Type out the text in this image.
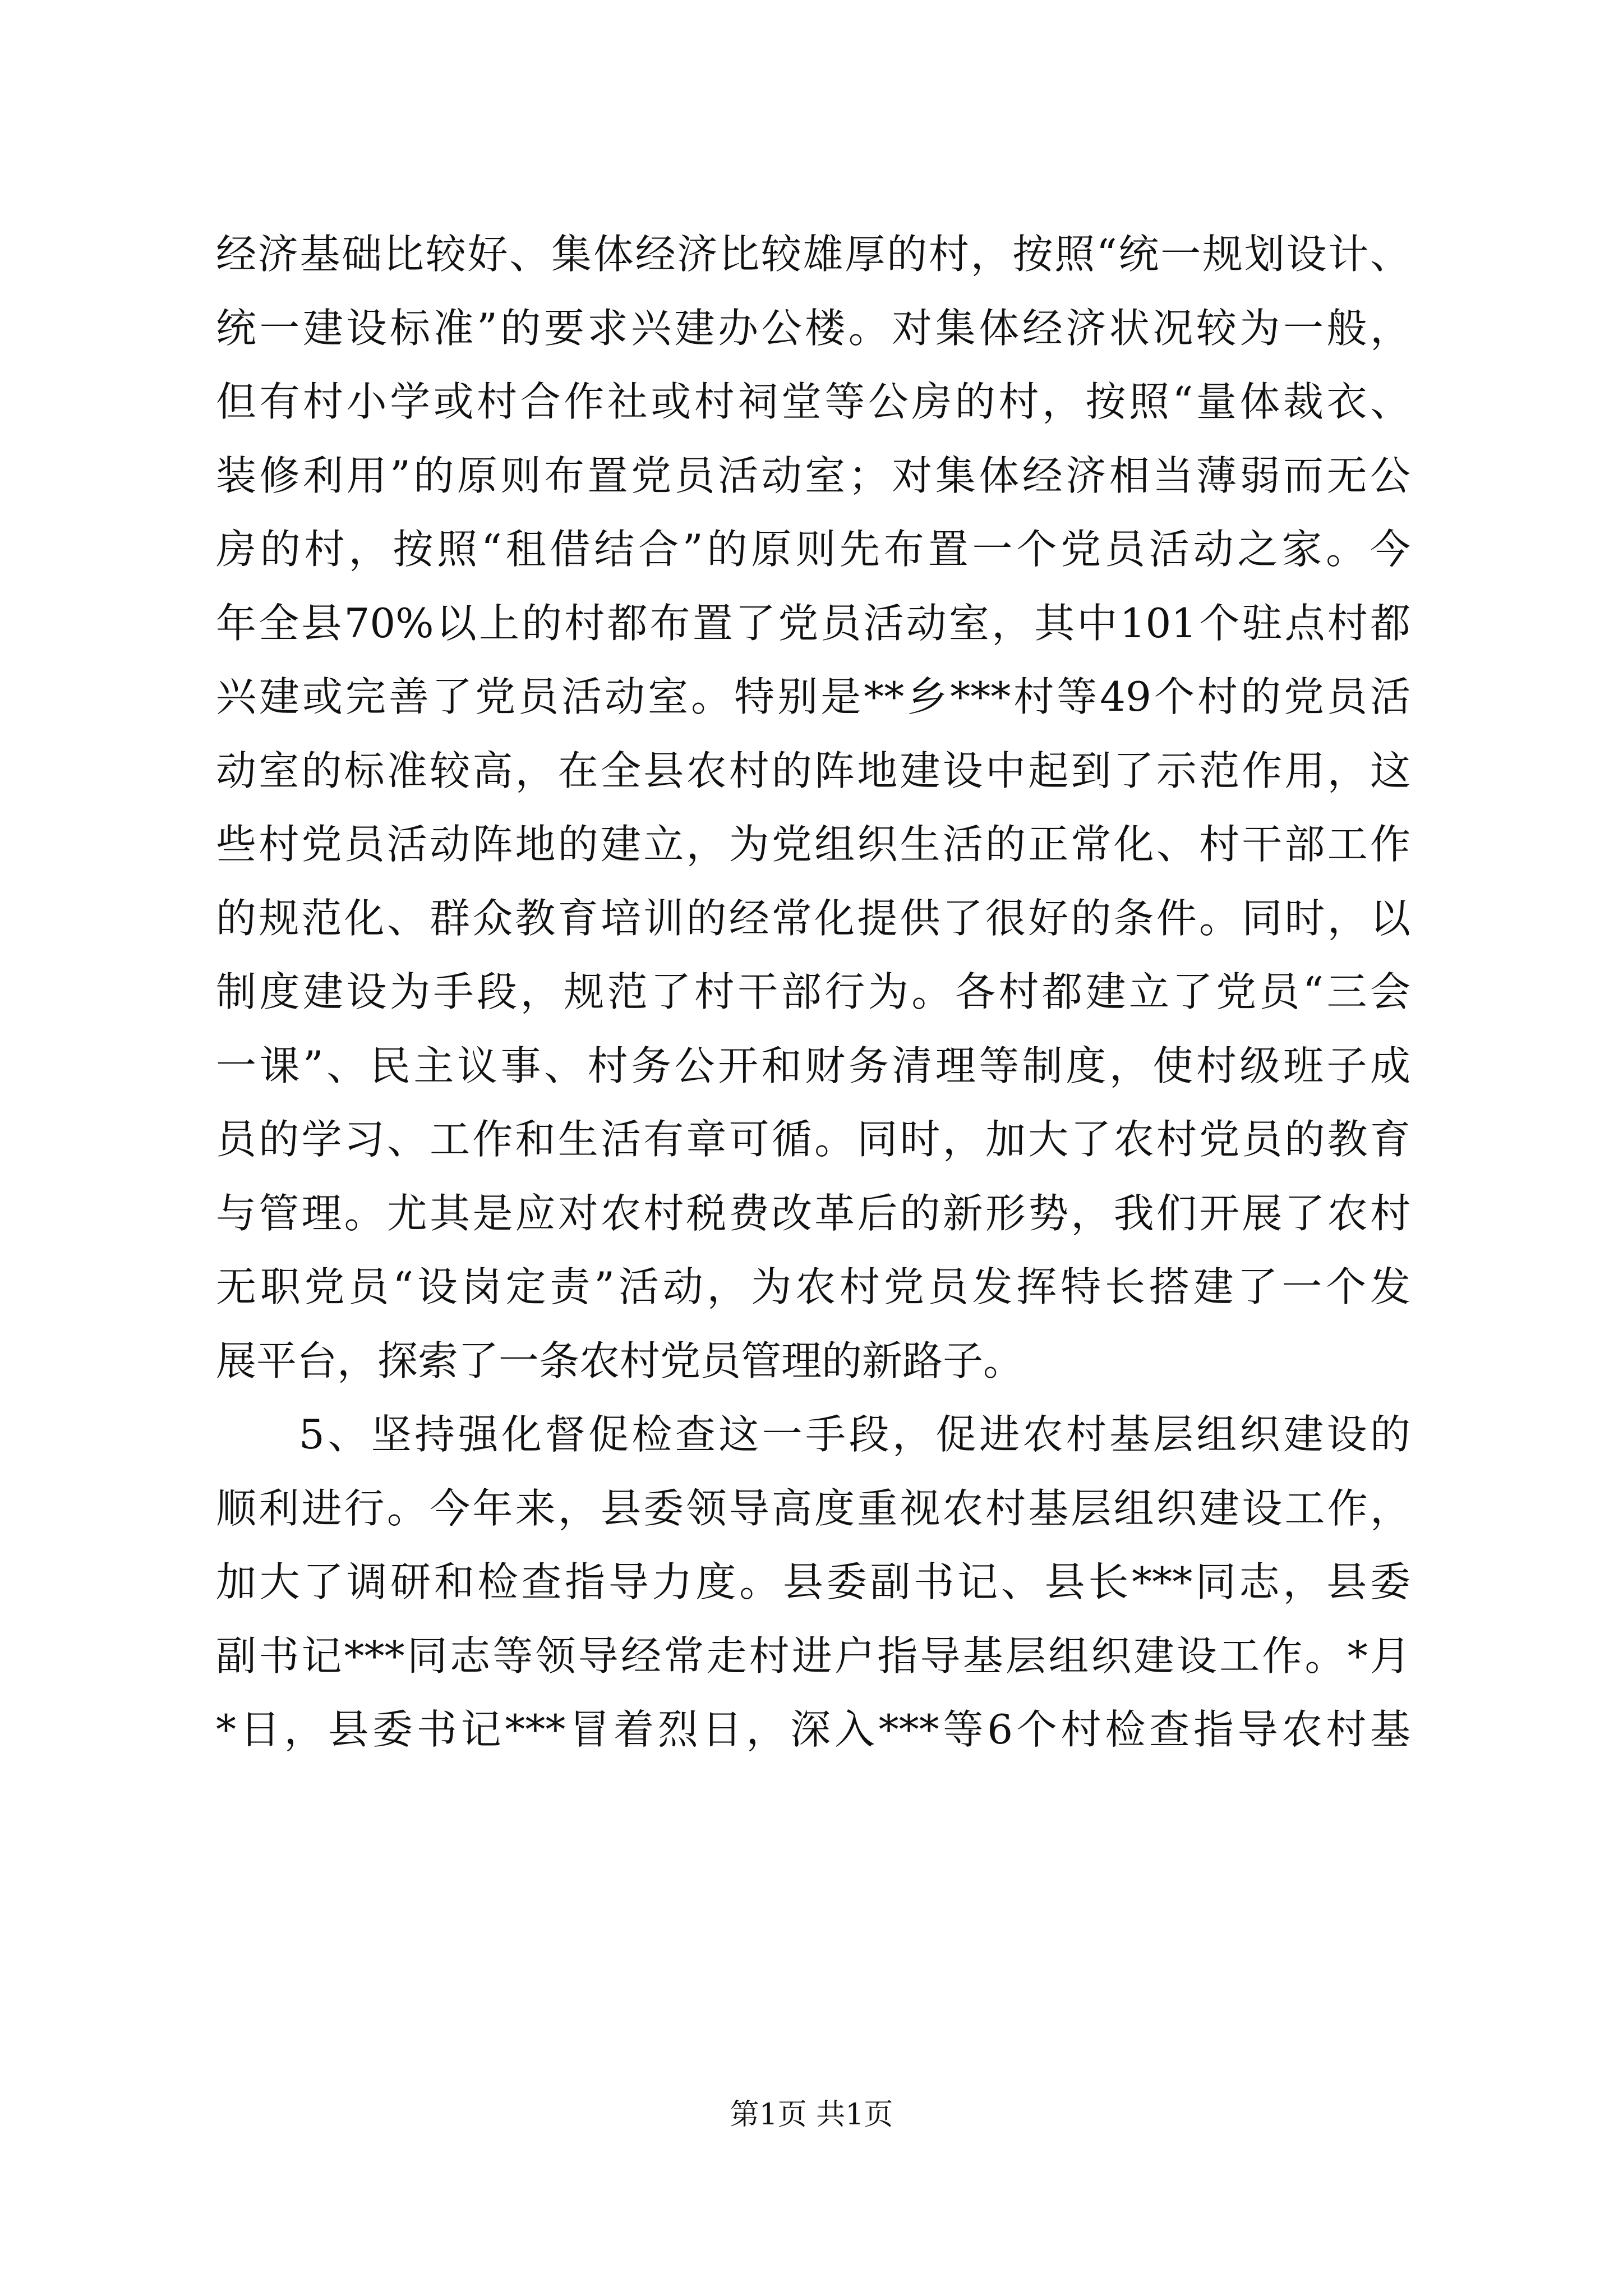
经济基础比较好、集体经济比较雄厚的村，按照“统一规划设计、
统一建设标准”的要求兴建办公楼。对集体经济状况较为一般，
但有村小学或村合作社或村祠堂等公房的村，按照“量体裁衣、
装修利用”的原则布置党员活动室；对集体经济相当薄弱而无公
房的村，按照“租借结合”的原则先布置一个党员活动之家。今
年全县70%以上的村都布置了党员活动室，其中101个驻点村都
兴建或完善了党员活动室。特别是**乡***村等49个村的党员活
动室的标准较高，在全县农村的阵地建设中起到了示范作用，这
些村党员活动阵地的建立，为党组织生活的正常化、村干部工作
的规范化、群众教育培训的经常化提供了很好的条件。同时，以
制度建设为手段，规范了村干部行为。各村都建立了党员“三会
一课”、民主议事、村务公开和财务清理等制度，使村级班子成
员的学习、工作和生活有章可循。同时，加大了农村党员的教育
与管理。尤其是应对农村税费改革后的新形势，我们开展了农村
无职党员“设岗定责”活动，为农村党员发挥特长搭建了一个发
展平台，探索了一条农村党员管理的新路子。
5、坚持强化督促检查这一手段，促进农村基层组织建设的
顺利进行。今年来，县委领导高度重视农村基层组织建设工作，
加大了调研和检查指导力度。县委副书记、县长***同志，县委
副书记***同志等领导经常走村进户指导基层组织建设工作。*月
*日，县委书记***冒着烈日，深入***等6个村检查指导农村基
第1页 共1页
